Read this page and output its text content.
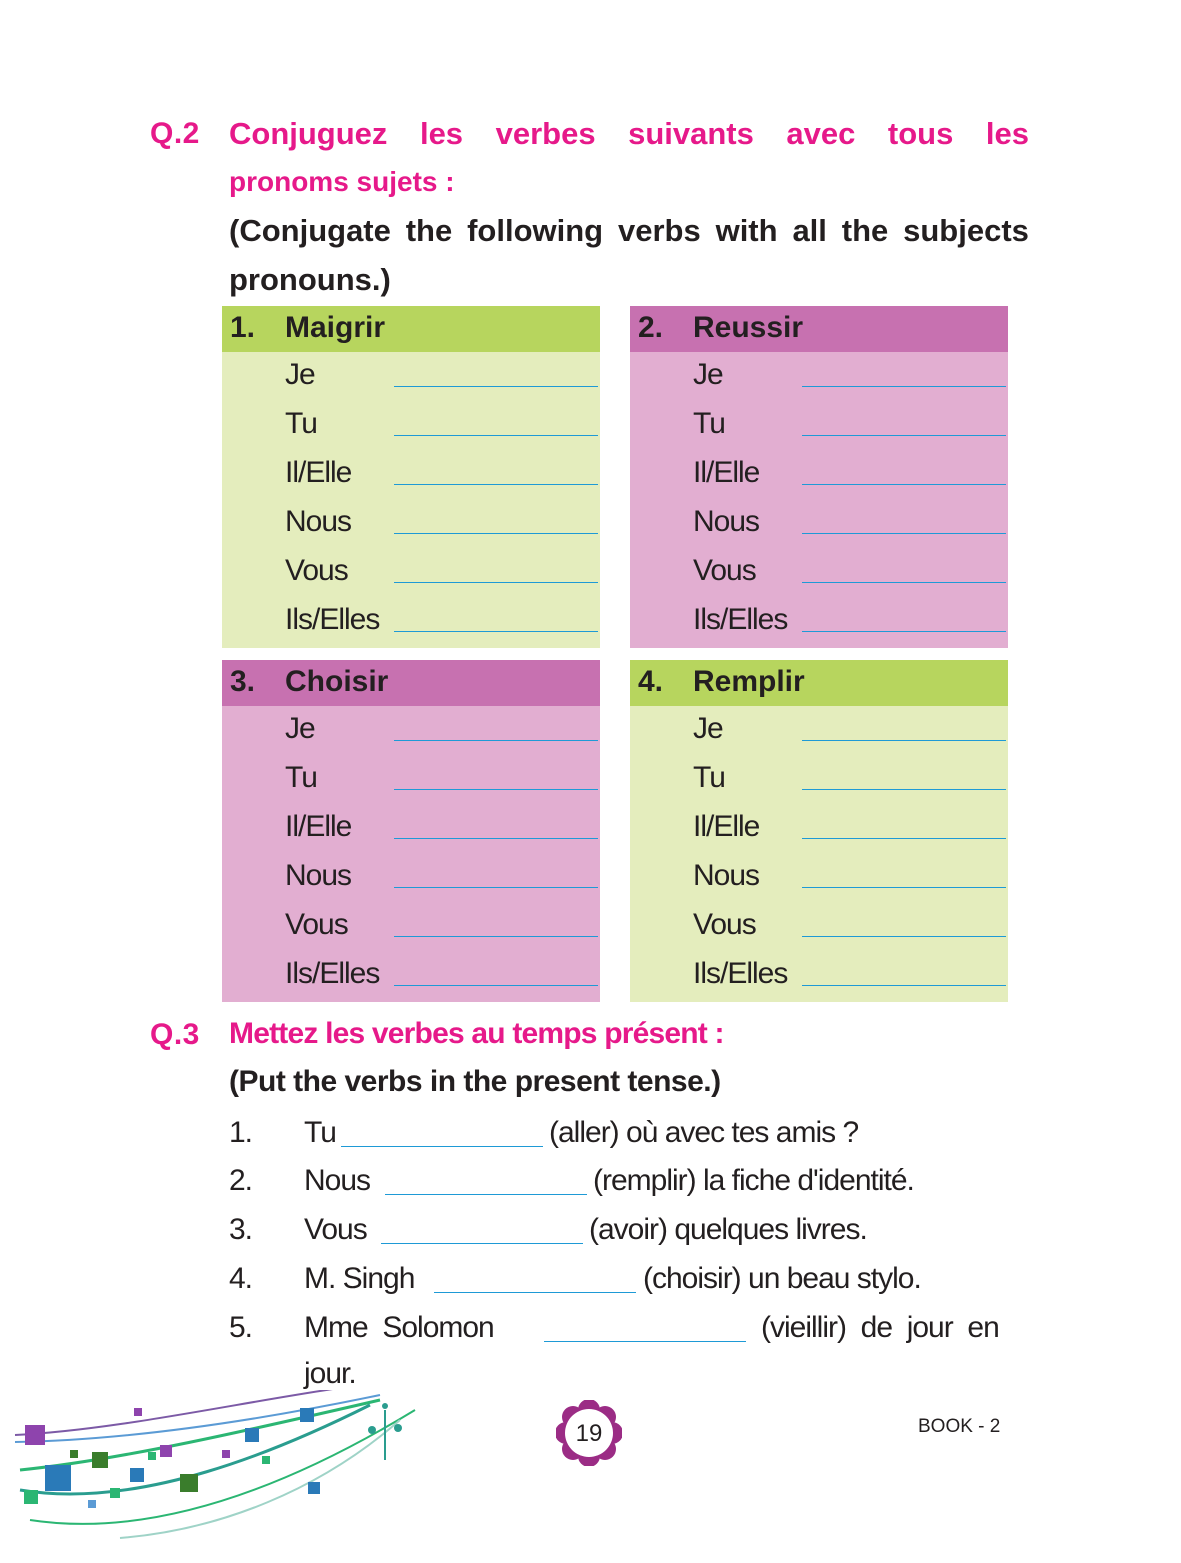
Q.2 Conjuguez les verbes suivants avec tous les
pronoms sujets :
(Conjugate the following verbs with all the subjects
pronouns.)
1. Maigrir
Je
Tu
Il/Elle
Nous
Vous
Ils/Elles
2. Reussir
Je
Tu
Il/Elle
Nous
Vous
Ils/Elles
3. Choisir
Je
Tu
Il/Elle
Nous
Vous
Ils/Elles
4. Remplir
Je
Tu
Il/Elle
Nous
Vous
Ils/Elles
Q.3 Mettez les verbes au temps présent :
(Put the verbs in the present tense.)
1. Tu	(aller) où avec tes amis ?
2. Nous	(remplir) la fiche d'identité.
3. Vous	(avoir) quelques livres.
4. M. Singh	(choisir) un beau stylo.
5. Mme  Solomon	(vieillir)  de  jour  en
jour.
19	BOOK - 2
